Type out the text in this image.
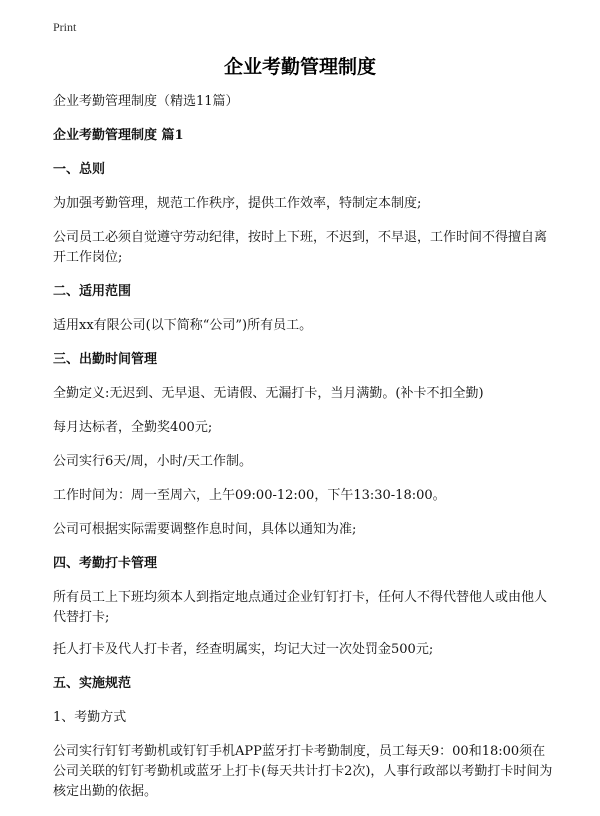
Print
企业考勤管理制度

企业考勤管理制度（精选11篇）

企业考勤管理制度 篇1

一、总则

为加强考勤管理，规范工作秩序，提供工作效率，特制定本制度;

公司员工必须自觉遵守劳动纪律，按时上下班，不迟到，不早退，工作时间不得擅自离开工作岗位;

二、适用范围

适用xx有限公司(以下简称“公司”)所有员工。

三、出勤时间管理

全勤定义:无迟到、无早退、无请假、无漏打卡，当月满勤。(补卡不扣全勤)

每月达标者，全勤奖400元;

公司实行6天/周，小时/天工作制。

工作时间为：周一至周六，上午09:00-12:00，下午13:30-18:00。

公司可根据实际需要调整作息时间，具体以通知为准;

四、考勤打卡管理

所有员工上下班均须本人到指定地点通过企业钉钉打卡，任何人不得代替他人或由他人代替打卡;

托人打卡及代人打卡者，经查明属实，均记大过一次处罚金500元;

五、实施规范

1、考勤方式

公司实行钉钉考勤机或钉钉手机APP蓝牙打卡考勤制度，员工每天9：00和18:00须在公司关联的钉钉考勤机或蓝牙上打卡(每天共计打卡2次)，人事行政部以考勤打卡时间为核定出勤的依据。
